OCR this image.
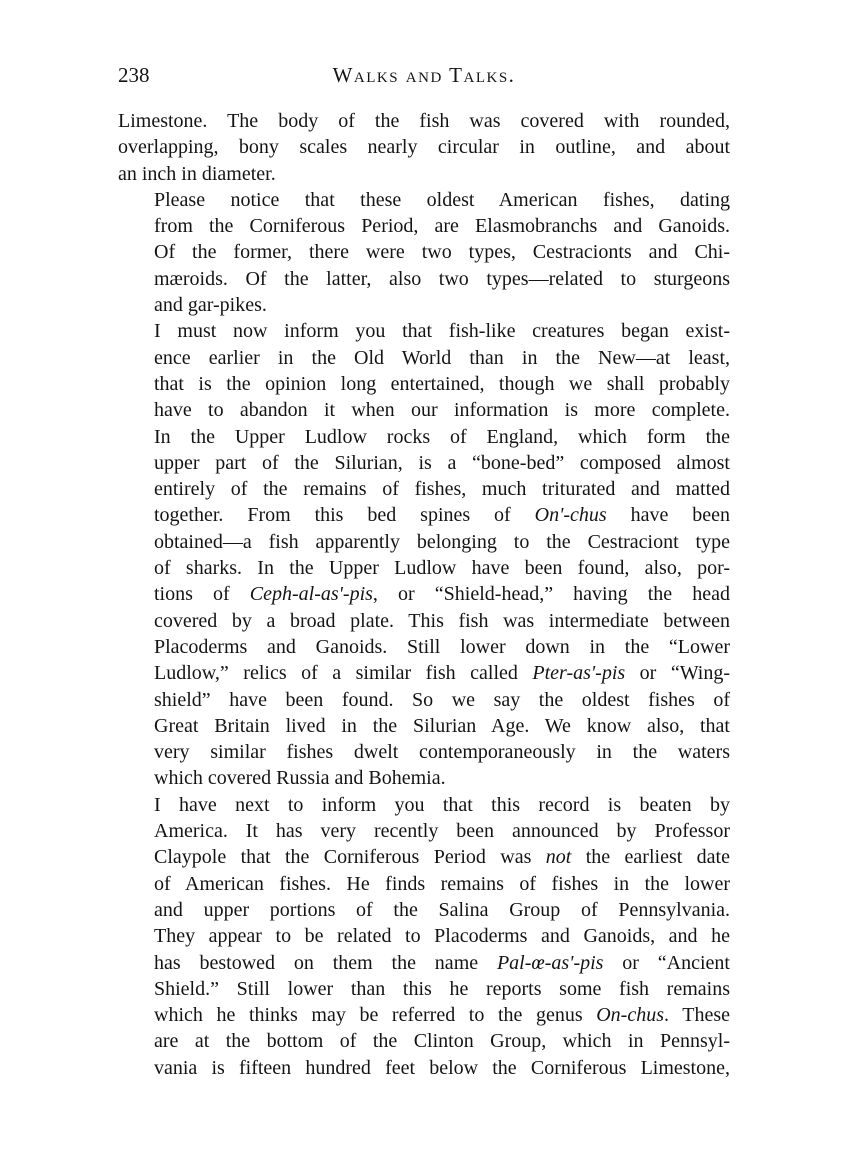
238	Walks and Talks.

Limestone. The body of the fish was covered with rounded,
overlapping, bony scales nearly circular in outline, and about
an inch in diameter.

Please notice that these oldest American fishes, dating
from the Corniferous Period, are Elasmobranchs and Ganoids.
Of the former, there were two types, Cestracionts and Chi-
mæroids. Of the latter, also two types—related to sturgeons
and gar-pikes.

I must now inform you that fish-like creatures began exist-
ence earlier in the Old World than in the New—at least,
that is the opinion long entertained, though we shall probably
have to abandon it when our information is more complete.
In the Upper Ludlow rocks of England, which form the
upper part of the Silurian, is a “bone-bed” composed almost
entirely of the remains of fishes, much triturated and matted
together. From this bed spines of On'-chus have been
obtained—a fish apparently belonging to the Cestraciont type
of sharks. In the Upper Ludlow have been found, also, por-
tions of Ceph-al-as'-pis, or “Shield-head,” having the head
covered by a broad plate. This fish was intermediate between
Placoderms and Ganoids. Still lower down in the “Lower
Ludlow,” relics of a similar fish called Pter-as'-pis or “Wing-
shield” have been found. So we say the oldest fishes of
Great Britain lived in the Silurian Age. We know also, that
very similar fishes dwelt contemporaneously in the waters
which covered Russia and Bohemia.

I have next to inform you that this record is beaten by
America. It has very recently been announced by Professor
Claypole that the Corniferous Period was not the earliest date
of American fishes. He finds remains of fishes in the lower
and upper portions of the Salina Group of Pennsylvania.
They appear to be related to Placoderms and Ganoids, and he
has bestowed on them the name Pal-œ-as'-pis or “Ancient
Shield.” Still lower than this he reports some fish remains
which he thinks may be referred to the genus On-chus. These
are at the bottom of the Clinton Group, which in Pennsyl-
vania is fifteen hundred feet below the Corniferous Limestone,
